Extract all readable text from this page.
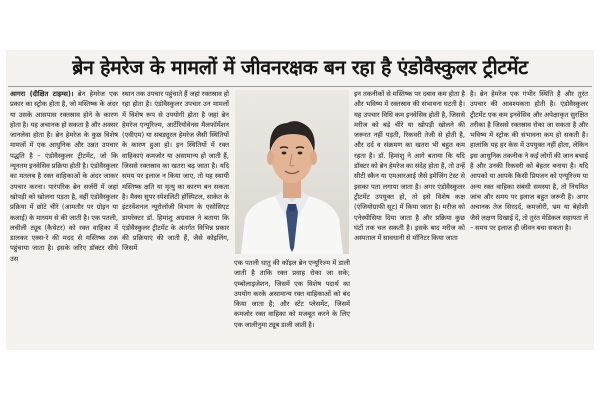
ब्रेन हेमरेज के मामलों में जीवनरक्षक बन रहा है एंडोवैस्कुलर ट्रीटमेंट

आगरा (दीक्षित टाइम्स)। ब्रेन हेमरेज एक प्रकार का स्ट्रोक होता है, जो मस्तिष्क के अंदर या उसके आसपास रक्तस्राव होने के कारण होता है। यह अचानक हो सकता है और अक्सर जानलेवा होता है। ब्रेन हेमरेज के कुछ विशेष मामलों में एक आधुनिक और उन्नत उपचार पद्धति है – एंडोवैस्कुलर ट्रीटमेंट, जो कि न्यूनतम इनवेसिव प्रक्रिया होती है। एंडोवैस्कुलर का मतलब है रक्त वाहिकाओं के अंदर जाकर उपचार करना। पारंपरिक ब्रेन सर्जरी में जहां खोपड़ी को खोलना पड़ता है, वहीं एंडोवैस्कुलर प्रक्रिया में छोटे चीरे (आमतौर पर ग्रोइन या कलाई) के माध्यम से की जाती है। एक पतली, लचीली ट्यूब (कैथेटर) को रक्त वाहिका में डालकर एक्स-रे की मदद से मस्तिष्क तक पहुंचाया जाता है। इसके जरिए डॉक्टर सीधे उस

स्थान तक उपचार पहुंचाते हैं जहां रक्तस्राव हो रहा होता है। एंडोवैस्कुलर उपचार उन मामलों में विशेष रूप से उपयोगी होता है जहां ब्रेन हेमरेज एन्यूरिज्म, आर्टेरियोवेनस मैलफॉर्मेशन (एवीएम) या सबड्यूरल हेमरेज जैसी स्थितियों के कारण हुआ हो। इन स्थितियों में रक्त वाहिकाएं कमजोर या असामान्य हो जाती हैं, जिससे रक्तस्राव का खतरा बढ़ जाता है। यदि समय पर इलाज न किया जाए, तो यह स्थायी मस्तिष्क क्षति या मृत्यु का कारण बन सकता है। मैक्स सुपर स्पेशलिटी हॉस्पिटल, साकेत के इंटरवेंशनल न्यूरोलॉजी विभाग के एसोसिएट डायरेक्टर डॉ. हिमांशु अग्रवाल ने बताया कि एंडोवैस्कुलर ट्रीटमेंट के अंतर्गत विभिन्न प्रकार की प्रक्रियाएं की जाती हैं, जैसे कोइलिंग, जिसमें

एक पतली धातु की कॉइल ब्रेन एन्यूरिज्म में डाली जाती है ताकि रक्त प्रवाह रोका जा सके; एम्बोलाइजेशन, जिसमें एक विशेष पदार्थ का उपयोग करके असामान्य रक्त वाहिकाओं को बंद किया जाता है; और स्टेंट प्लेसमेंट, जिसमें कमजोर रक्त वाहिका को मजबूत करने के लिए एक जालीनुमा ट्यूब डाली जाती है।

इन तकनीकों से मस्तिष्क पर दबाव कम होता है और भविष्य में रक्तस्राव की संभावना घटती है। यह उपचार विधि कम इनवेसिव होती है, जिससे मरीज को बड़े चीरे या खोपड़ी खोलने की जरूरत नहीं पड़ती, रिकवरी तेजी से होती है, और दर्द व संक्रमण का खतरा भी बहुत कम रहता है। डॉ. हिमांशु ने आगे बताया कि यदि डॉक्टर को ब्रेन हेमरेज का संदेह होता है, तो उन्हें सीटी स्कैन या एमआरआई जैसे इमेजिंग टेस्ट से इसका पता लगाया जाता है। अगर एंडोवैस्कुलर ट्रीटमेंट उपयुक्त हो, तो इसे विशेष कक्ष (एंजियोग्राफी सूट) में किया जाता है। मरीज को एनेस्थीसिया दिया जाता है और प्रक्रिया कुछ घंटों तक चल सकती है। इसके बाद मरीज को अस्पताल में सावधानी से मॉनिटर किया जाता

है। ब्रेन हेमरेज एक गंभीर स्थिति है और तुरंत उपचार की आवश्यकता होती है। एंडोवैस्कुलर ट्रीटमेंट एक कम इनवेसिव और अपेक्षाकृत सुरक्षित तरीका है जिससे रक्तस्राव रोका जा सकता है और भविष्य में स्ट्रोक की संभावना कम हो सकती है। हालांकि यह हर केस में उपयुक्त नहीं होता, लेकिन इस आधुनिक तकनीक ने कई लोगों की जान बचाई है और उनकी रिकवरी को बेहतर बनाया है। यदि आपको या आपके किसी प्रियजन को एन्यूरिज्म या अन्य रक्त वाहिका संबंधी समस्या है, तो नियमित जांच और समय पर इलाज बहुत जरूरी है। अगर अचानक तेज सिरदर्द, कमजोरी, भ्रम या बेहोशी जैसे लक्षण दिखाई दें, तो तुरंत मेडिकल सहायता लें – समय पर इलाज ही जीवन बचा सकता है।
